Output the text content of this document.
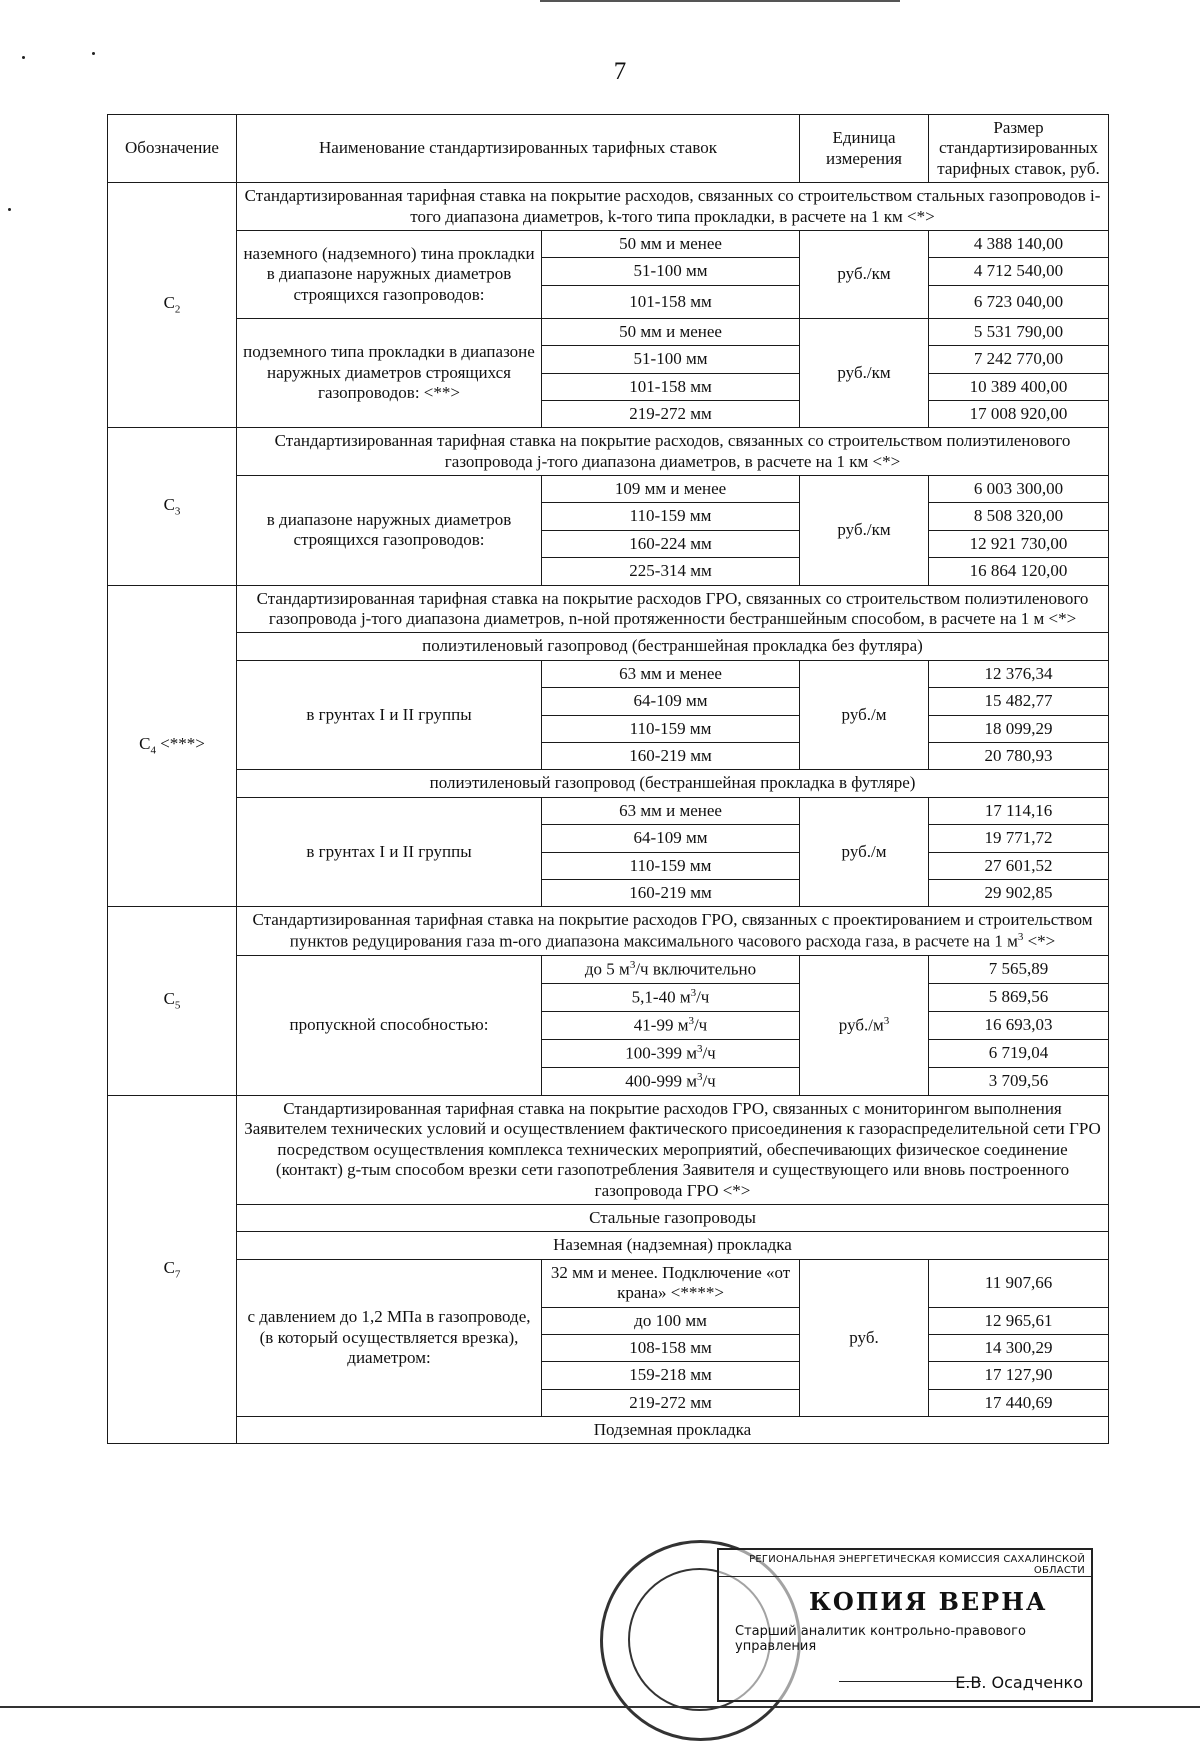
7
Обозначение	Наименование стандартизированных тарифных ставок		Единица измерения	Размер стандартизированных тарифных ставок, руб.
$C_2$	Стандартизированная тарифная ставка на покрытие расходов, связанных со строительством стальных газопроводов i-того диапазона диаметров, k-того типа прокладки, в расчете на 1 км <*>			
	наземного (надземного) тина прокладки в диапазоне наружных диаметров строящихся газопроводов:	50 мм и менее	руб./км	4 388 140,00
		51-100 мм		4 712 540,00
		101-158 мм		6 723 040,00
	подземного типа прокладки в диапазоне наружных диаметров строящихся газопроводов: <**>	50 мм и менее	руб./км	5 531 790,00
		51-100 мм		7 242 770,00
		101-158 мм		10 389 400,00
		219-272 мм		17 008 920,00
$C_3$	Стандартизированная тарифная ставка на покрытие расходов, связанных со строительством полиэтиленового газопровода j-того диапазона диаметров, в расчете на 1 км <*>			
	в диапазоне наружных диаметров строящихся газопроводов:	109 мм и менее	руб./км	6 003 300,00
		110-159 мм		8 508 320,00
		160-224 мм		12 921 730,00
		225-314 мм		16 864 120,00
$C_4$ <***>	Стандартизированная тарифная ставка на покрытие расходов ГРО, связанных со строительством полиэтиленового газопровода j-того диапазона диаметров, n-ной протяженности бестраншейным способом, в расчете на 1 м <*>			
	полиэтиленовый газопровод (бестраншейная прокладка без футляра)			
	в грунтах I и II группы	63 мм и менее	руб./м	12 376,34
		64-109 мм		15 482,77
		110-159 мм		18 099,29
		160-219 мм		20 780,93
	полиэтиленовый газопровод (бестраншейная прокладка в футляре)			
	в грунтах I и II группы	63 мм и менее	руб./м	17 114,16
		64-109 мм		19 771,72
		110-159 мм		27 601,52
		160-219 мм		29 902,85
$C_5$	Стандартизированная тарифная ставка на покрытие расходов ГРО, связанных с проектированием и строительством пунктов редуцирования газа m-ого диапазона максимального часового расхода газа, в расчете на 1 $м^3$ <*>			
	пропускной способностью:	до 5 $м^3/ч$ включительно	$руб./м^3$	7 565,89
		5,1-40 $м^3/ч$		5 869,56
		41-99 $м^3/ч$		16 693,03
		100-399 $м^3/ч$		6 719,04
		400-999 $м^3/ч$		3 709,56
$C_7$	Стандартизированная тарифная ставка на покрытие расходов ГРО, связанных с мониторингом выполнения Заявителем технических условий и осуществлением фактического присоединения к газораспределительной сети ГРО посредством осуществления комплекса технических мероприятий, обеспечивающих физическое соединение (контакт) g-тым способом врезки сети газопотребления Заявителя и существующего или вновь построенного газопровода ГРО <*>			
	Стальные газопроводы			
	Наземная (надземная) прокладка			
	с давлением до 1,2 МПа в газопроводе, (в который осуществляется врезка), диаметром:	32 мм и менее. Подключение «от крана» <****>	руб.	11 907,66
		до 100 мм		12 965,61
		108-158 мм		14 300,29
		159-218 мм		17 127,90
		219-272 мм		17 440,69
	Подземная прокладка			
РЕГИОНАЛЬНАЯ ЭНЕРГЕТИЧЕСКАЯ КОМИССИЯ САХАЛИНСКОЙ ОБЛАСТИ
КОПИЯ ВЕРНА
Старший аналитик контрольно-правового управления
Е.В. Осадченко
